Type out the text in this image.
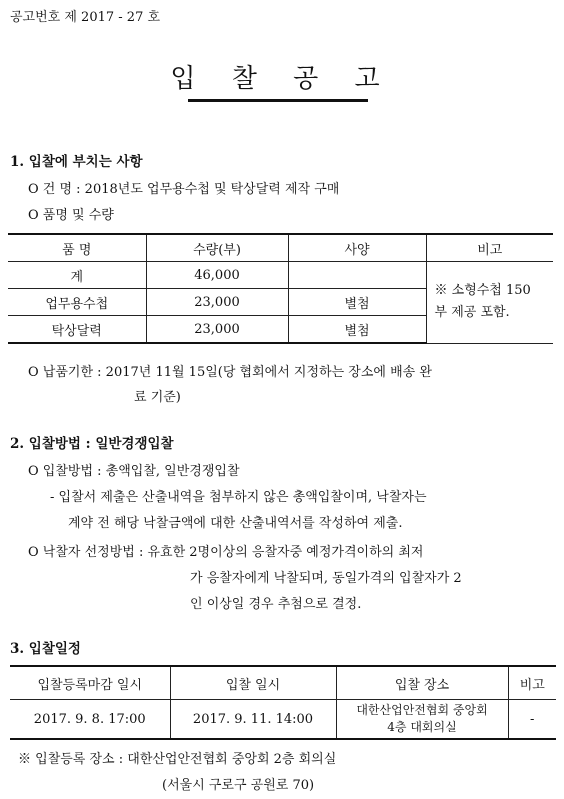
공고번호 제 2017 - 27 호
입 찰 공 고
1. 입찰에 부치는 사항
O 건 명 : 2018년도 업무용수첩 및 탁상달력 제작 구매
O 품명 및 수량
품 명	수량(부)	사양	비고
계	46,000		※ 소형수첩 150
부 제공 포함.

업무용수첩	23,000	별첨	
탁상달력	23,000	별첨	
O 납품기한 : 2017년 11월 15일(당 협회에서 지정하는 장소에 배송 완
료 기준)
2. 입찰방법 : 일반경쟁입찰
O 입찰방법 : 총액입찰, 일반경쟁입찰
- 입찰서 제출은 산출내역을 첨부하지 않은 총액입찰이며, 낙찰자는
계약 전 해당 낙찰금액에 대한 산출내역서를 작성하여 제출.
O 낙찰자 선정방법 : 유효한 2명이상의 응찰자중 예정가격이하의 최저
가 응찰자에게 낙찰되며, 동일가격의 입찰자가 2
인 이상일 경우 추첨으로 결정.
3. 입찰일정
입찰등록마감 일시	입찰 일시	입찰 장소	비고
2017. 9. 8. 17:00	2017. 9. 11. 14:00	대한산업안전협회 중앙회
4층 대회의실	-
※ 입찰등록 장소 : 대한산업안전협회 중앙회 2층 회의실
(서울시 구로구 공원로 70)
